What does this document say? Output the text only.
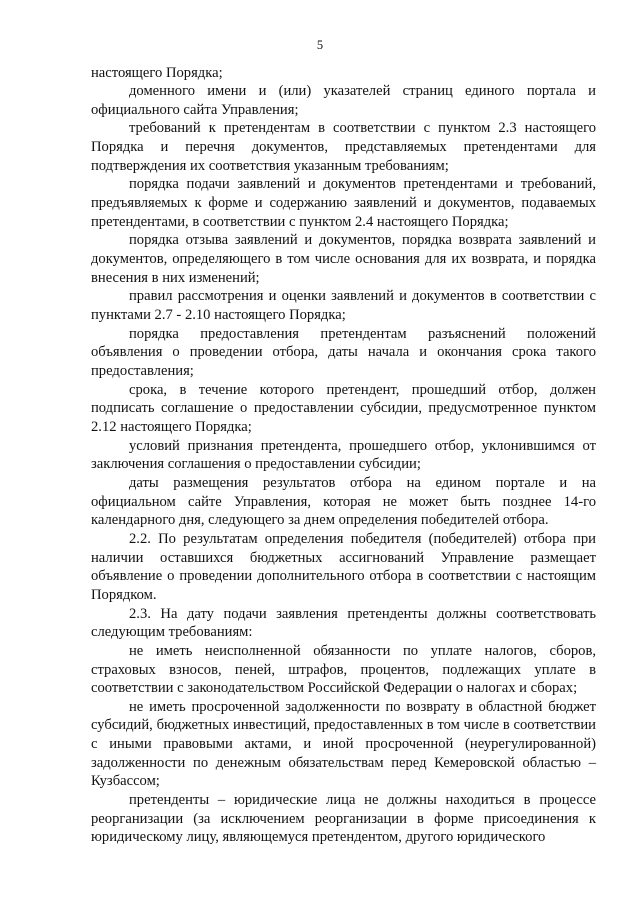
5

настоящего Порядка;

доменного имени и (или) указателей страниц единого портала и официального сайта Управления;

требований к претендентам в соответствии с пунктом 2.3 настоящего Порядка и перечня документов, представляемых претендентами для подтверждения их соответствия указанным требованиям;

порядка подачи заявлений и документов претендентами и требований, предъявляемых к форме и содержанию заявлений и документов, подаваемых претендентами, в соответствии с пунктом 2.4 настоящего Порядка;

порядка отзыва заявлений и документов, порядка возврата заявлений и документов, определяющего в том числе основания для их возврата, и порядка внесения в них изменений;

правил рассмотрения и оценки заявлений и документов в соответствии с пунктами 2.7 - 2.10 настоящего Порядка;

порядка предоставления претендентам разъяснений положений объявления о проведении отбора, даты начала и окончания срока такого предоставления;

срока, в течение которого претендент, прошедший отбор, должен подписать соглашение о предоставлении субсидии, предусмотренное пунктом 2.12 настоящего Порядка;

условий признания претендента, прошедшего отбор, уклонившимся от заключения соглашения о предоставлении субсидии;

даты размещения результатов отбора на едином портале и на официальном сайте Управления, которая не может быть позднее 14-го календарного дня, следующего за днем определения победителей отбора.

2.2. По результатам определения победителя (победителей) отбора при наличии оставшихся бюджетных ассигнований Управление размещает объявление о проведении дополнительного отбора в соответствии с настоящим Порядком.

2.3. На дату подачи заявления претенденты должны соответствовать следующим требованиям:

не иметь неисполненной обязанности по уплате налогов, сборов, страховых взносов, пеней, штрафов, процентов, подлежащих уплате в соответствии с законодательством Российской Федерации о налогах и сборах;

не иметь просроченной задолженности по возврату в областной бюджет субсидий, бюджетных инвестиций, предоставленных в том числе в соответствии с иными правовыми актами, и иной просроченной (неурегулированной) задолженности по денежным обязательствам перед Кемеровской областью – Кузбассом;

претенденты – юридические лица не должны находиться в процессе реорганизации (за исключением реорганизации в форме присоединения к юридическому лицу, являющемуся претендентом, другого юридического
